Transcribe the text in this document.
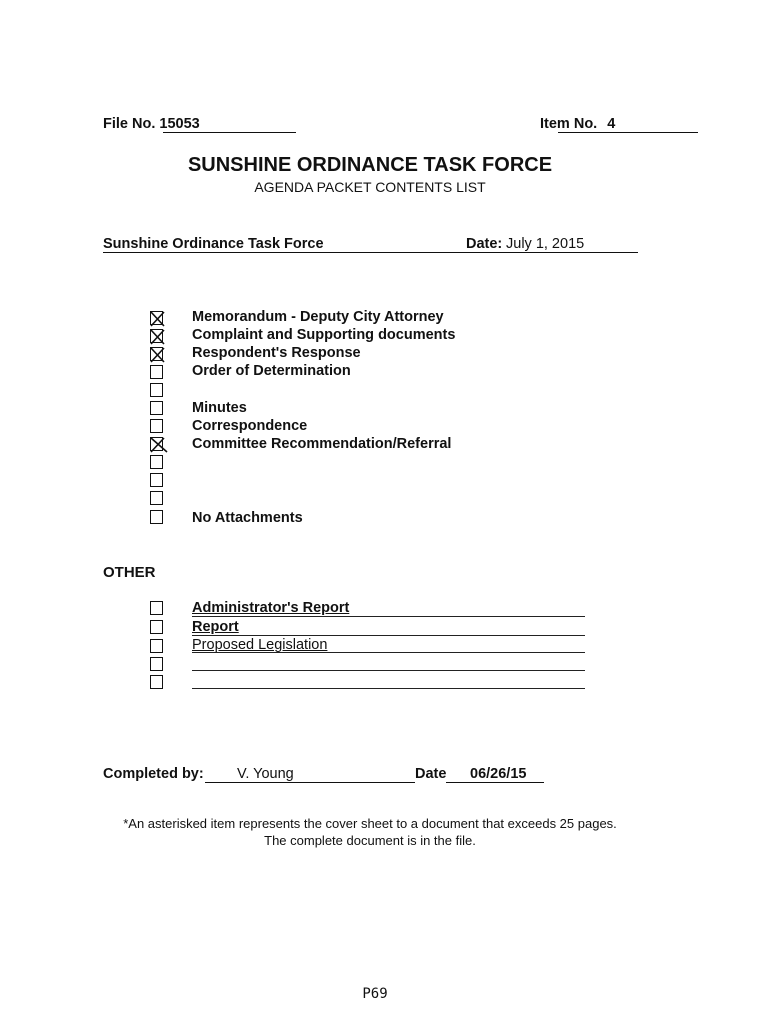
File No. 15053	Item No. 4
SUNSHINE ORDINANCE TASK FORCE
AGENDA PACKET CONTENTS LIST
Sunshine Ordinance Task Force	Date: July 1, 2015
Memorandum - Deputy City Attorney
Complaint and Supporting documents
Respondent's Response
Order of Determination
Minutes
Correspondence
Committee Recommendation/Referral
No Attachments
OTHER
Administrator's Report
Report
Proposed Legislation
Completed by: V. Young	Date 06/26/15
*An asterisked item represents the cover sheet to a document that exceeds 25 pages.
The complete document is in the file.
P69
